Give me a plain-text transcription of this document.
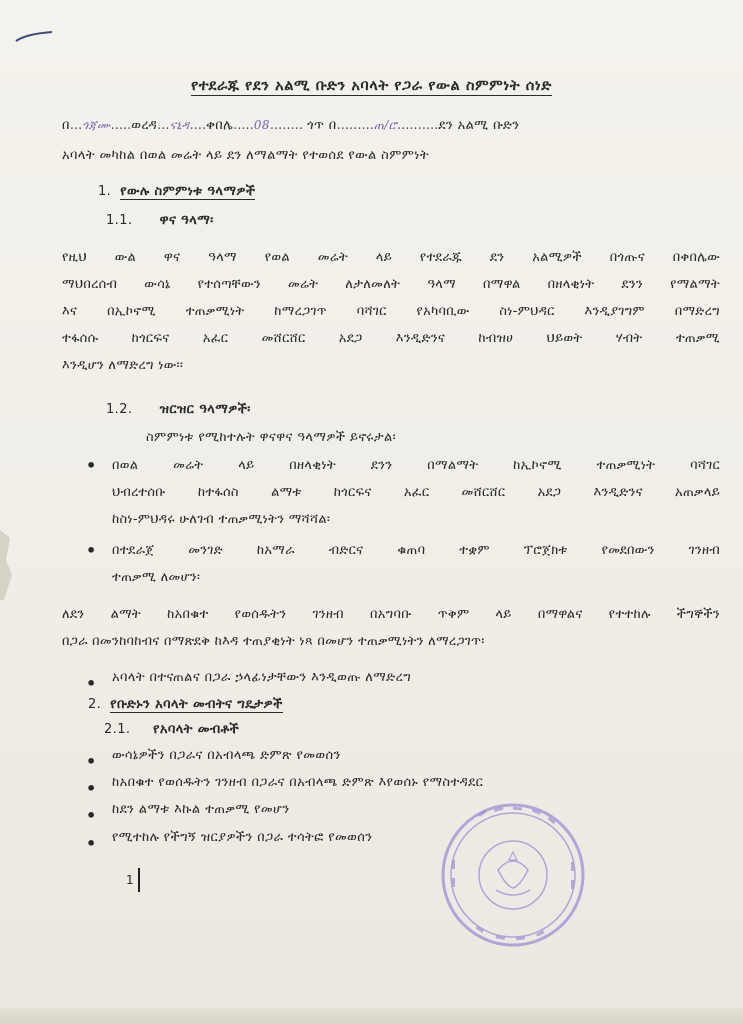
የተደራጁ የደን አልሚ ቡድን አባላት የጋራ የውል ስምምነት ሰነድ
በ...ጎጃሙ.....ወረዳ...ናኒዳ....ቀበሌ.....08........ ጎጥ በ.........ጠ/ሮ..........ደን አልሚ ቡድን
አባላት መካከል በወል መሬት ላይ ደን ለማልማት የተወሰደ የውል ስምምነት
1. የውሉ ስምምነቱ ዓላማዎች
1.1. ዋና ዓላማ፡
የዚህ ውል ዋና ዓላማ የወል መሬት ላይ የተደራጁ ደን አልሚዎች በጎጡና በቀበሌው
ማህበረሰብ ውሳኔ የተሰጣቸውን መሬት ለታለመለት ዓላማ በማዋል በዘላቂነት ደንን የማልማት
እና በኢኮኖሚ ተጠቃሚነት ከማረጋገጥ ባሻገር የአካባቢው ስነ-ምህዳር እንዲያገግም በማድረግ
ተፋሰሱ ከጎርፍና አፈር መሸርሸር አደጋ እንዲድንና ከብዝሀ ህይወት ሃብት ተጠቃሚ
እንዲሆን ለማድረግ ነው፡፡
1.2. ዝርዝር ዓላማዎች፡
ስምምነቱ የሚከተሉት ዋናዋና ዓላማዎች ይኖሩታል፡
• በወል መሬት ላይ በዘላቂነት ደንን በማልማት ከኢኮኖሚ ተጠቃሚነት ባሻገር
ህብረተሰቡ ከተፋሰስ ልማቱ ከጎርፍና አፈር መሸርሸር አደጋ እንዲድንና አጠቃላይ
ከስነ-ምህዳሩ ሁለገብ ተጠቃሚነትን ማሻሻል፡
• በተደራጀ መንገድ ከአማራ ብድርና ቁጠባ ተቋም ፕሮጀክቱ የመደበውን ገንዘብ
ተጠቃሚ ለመሆን፡
ለደን ልማት ከአበቁተ የወሰዱትን ገንዘብ በአግባቡ ጥቅም ላይ በማዋልና የተተከሉ ችግኞችን
በጋራ በመንከባከብና በማጽደቅ ከእዳ ተጠያቂነት ነጻ በመሆን ተጠቃሚነትን ለማረጋገጥ፡
• አባላት በተናጠልና በጋራ ኃላፊነታቸውን እንዲወጡ ለማድረግ
2. የቡድኑን አባላት መብትና ግዴታዎች
2.1. የአባላት መብቶች
• ውሳኔዎችን በጋራና በአብላጫ ድምጽ የመወሰን
• ከአበቁተ የወሰዱትን ገንዘብ በጋራና በአብላጫ ድምጽ እየወሰኑ የማስተዳደር
• ከደን ልማቱ እኩል ተጠቃሚ የመሆን
• የሚተከሉ የችግኝ ዝርያዎችን በጋራ ተሳትፎ የመወሰን
1
